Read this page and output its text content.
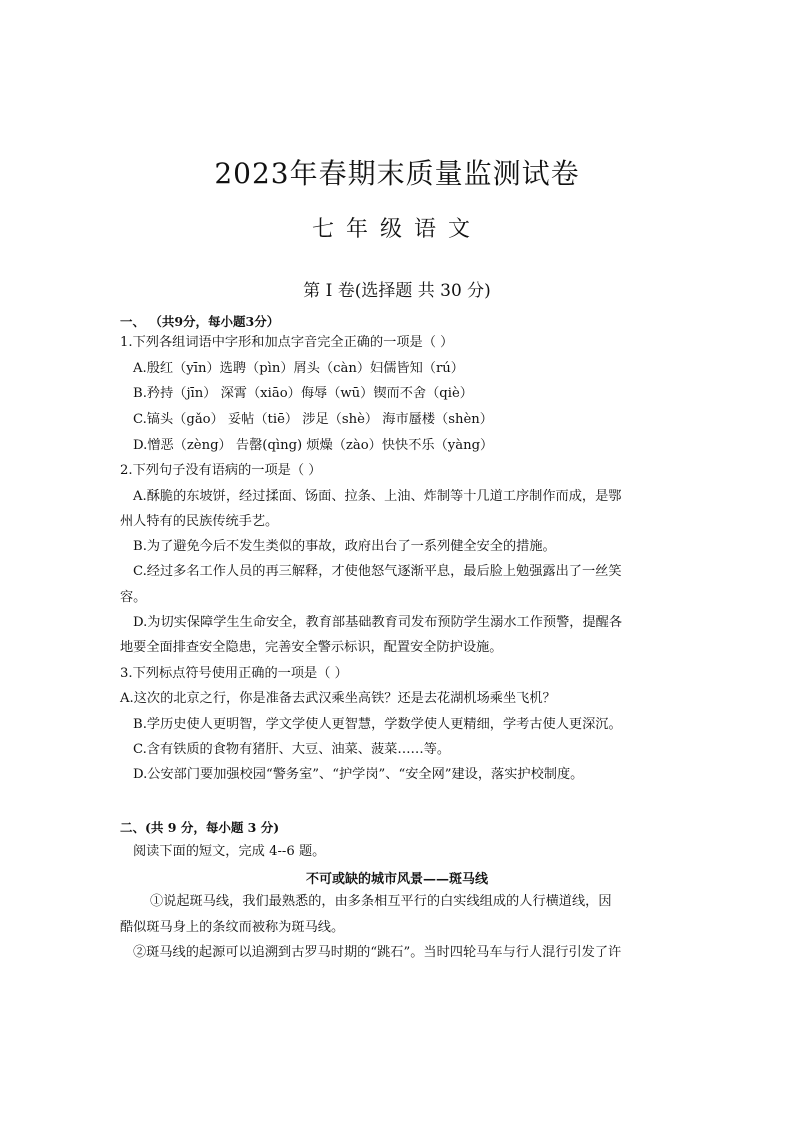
2023年春期末质量监测试卷
七年级语文
第 I 卷(选择题 共 30 分)
一、 （共9分，每小题3分）
1.下列各组词语中字形和加点字音完全正确的一项是（ ）
A.殷红（yīn）选聘（pìn）屑头（càn）妇儒皆知（rú）
B.矜持（jīn） 深霄（xiāo）侮辱（wū）锲而不舍（qiè）
C.镐头（gǎo） 妥帖（tiē） 涉足（shè） 海市蜃楼（shèn）
D.憎恶（zèng） 告罄(qìng) 烦燥（zào）快快不乐（yàng）
2.下列句子没有语病的一项是（ ）
A.酥脆的东坡饼，经过揉面、饧面、拉条、上油、炸制等十几道工序制作而成，是鄂
州人特有的民族传统手艺。
B.为了避免今后不发生类似的事故，政府出台了一系列健全安全的措施。
C.经过多名工作人员的再三解释，才使他怒气逐渐平息，最后脸上勉强露出了一丝笑
容。
D.为切实保障学生生命安全，教育部基础教育司发布预防学生溺水工作预警，提醒各
地要全面排查安全隐患，完善安全警示标识，配置安全防护设施。
3.下列标点符号使用正确的一项是（ ）
A.这次的北京之行，你是准备去武汉乘坐高铁？还是去花湖机场乘坐飞机？
B.学历史使人更明智，学文学使人更智慧，学数学使人更精细，学考古使人更深沉。
C.含有铁质的食物有猪肝、大豆、油菜、菠菜……等。
D.公安部门要加强校园“警务室”、“护学岗”、“安全网”建设，落实护校制度。
二、(共 9 分，每小题 3 分)
阅读下面的短文，完成 4--6 题。
不可或缺的城市风景——斑马线
①说起斑马线，我们最熟悉的，由多条相互平行的白实线组成的人行横道线，因
酷似斑马身上的条纹而被称为斑马线。
②斑马线的起源可以追溯到古罗马时期的“跳石”。当时四轮马车与行人混行引发了许
